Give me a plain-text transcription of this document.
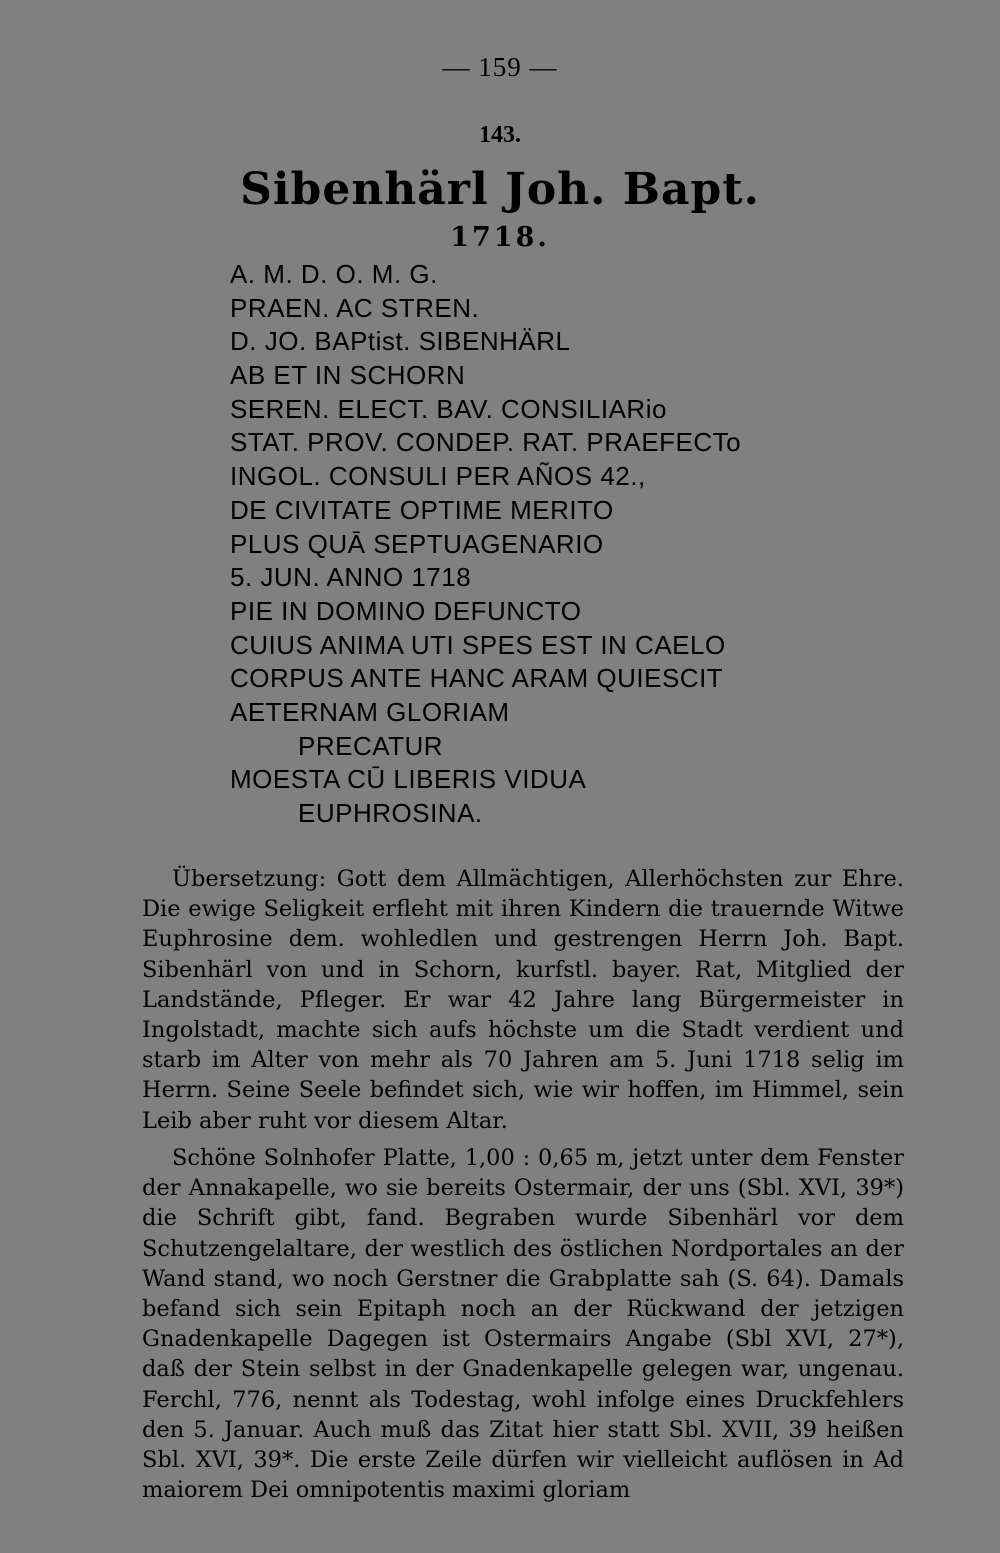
— 159 —
143.
Sibenhärl Joh. Bapt.
1718.
A. M. D. O. M. G.
PRAEN. AC STREN.
D. JO. BAPtist. SIBENHÄRL
AB ET IN SCHORN
SEREN. ELECT. BAV. CONSILIARio
STAT. PROV. CONDEP. RAT. PRAEFECTo
INGOL. CONSULI PER AÑOS 42.,
DE CIVITATE OPTIME MERITO
PLUS QUĀ SEPTUAGENARIO
5. JUN. ANNO 1718
PIE IN DOMINO DEFUNCTO
CUIUS ANIMA UTI SPES EST IN CAELO
CORPUS ANTE HANC ARAM QUIESCIT
AETERNAM GLORIAM
PRECATUR
MOESTA CŪ LIBERIS VIDUA
EUPHROSINA.

Übersetzung: Gott dem Allmächtigen, Allerhöchsten zur Ehre. Die ewige Seligkeit erfleht mit ihren Kindern die trauernde Witwe Euphrosine dem. wohledlen und gestrengen Herrn Joh. Bapt. Sibenhärl von und in Schorn, kurfstl. bayer. Rat, Mitglied der Landstände, Pfleger. Er war 42 Jahre lang Bürgermeister in Ingolstadt, machte sich aufs höchste um die Stadt verdient und starb im Alter von mehr als 70 Jahren am 5. Juni 1718 selig im Herrn. Seine Seele befindet sich, wie wir hoffen, im Himmel, sein Leib aber ruht vor diesem Altar.

Schöne Solnhofer Platte, 1,00 : 0,65 m, jetzt unter dem Fenster der Annakapelle, wo sie bereits Ostermair, der uns (Sbl. XVI, 39*) die Schrift gibt, fand. Begraben wurde Sibenhärl vor dem Schutzengelaltare, der westlich des östlichen Nordportales an der Wand stand, wo noch Gerstner die Grabplatte sah (S. 64). Damals befand sich sein Epitaph noch an der Rückwand der jetzigen Gnadenkapelle Dagegen ist Ostermairs Angabe (Sbl XVI, 27*), daß der Stein selbst in der Gnadenkapelle gelegen war, ungenau. Ferchl, 776, nennt als Todestag, wohl infolge eines Druckfehlers den 5. Januar. Auch muß das Zitat hier statt Sbl. XVII, 39 heißen Sbl. XVI, 39*. Die erste Zeile dürfen wir vielleicht auflösen in Ad maiorem Dei omnipotentis maximi gloriam
